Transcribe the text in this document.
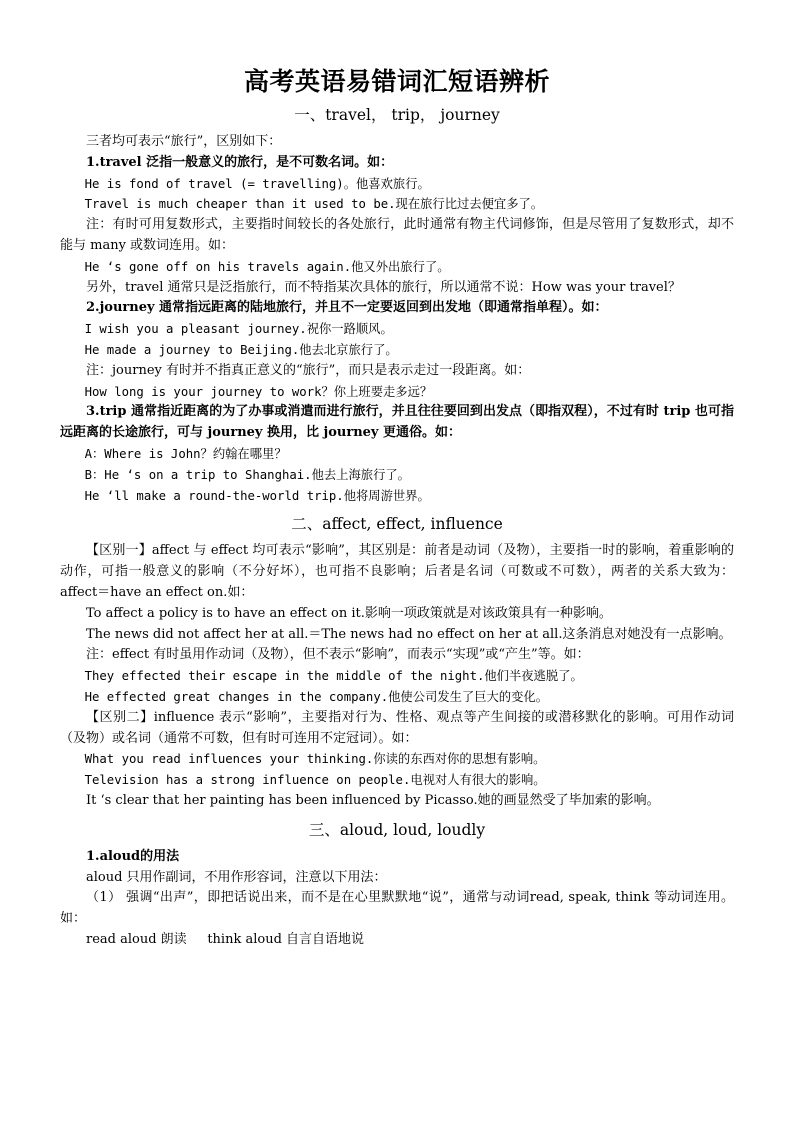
高考英语易错词汇短语辨析
一、travel， trip， journey

三者均可表示“旅行”，区别如下：

1.travel 泛指一般意义的旅行，是不可数名词。如：

He is fond of travel (= travelling)。他喜欢旅行。

Travel is much cheaper than it used to be.现在旅行比过去便宜多了。

注：有时可用复数形式，主要指时间较长的各处旅行，此时通常有物主代词修饰，但是尽管用了复数形式，却不能与 many 或数词连用。如：

He ‘s gone off on his travels again.他又外出旅行了。

另外，travel 通常只是泛指旅行，而不特指某次具体的旅行，所以通常不说：How was your travel？

2.journey 通常指远距离的陆地旅行，并且不一定要返回到出发地（即通常指单程）。如：

I wish you a pleasant journey.祝你一路顺风。

He made a journey to Beijing.他去北京旅行了。

注：journey 有时并不指真正意义的“旅行”，而只是表示走过一段距离。如：

How long is your journey to work？你上班要走多远？

3.trip 通常指近距离的为了办事或消遣而进行旅行，并且往往要回到出发点（即指双程），不过有时 trip 也可指远距离的长途旅行，可与 journey 换用，比 journey 更通俗。如：

A：Where is John？约翰在哪里？

B：He ‘s on a trip to Shanghai.他去上海旅行了。

He ‘ll make a round-the-world trip.他将周游世界。

二、affect, effect, influence

【区别一】affect 与 effect 均可表示“影响”，其区别是：前者是动词（及物），主要指一时的影响，着重影响的动作，可指一般意义的影响（不分好坏），也可指不良影响；后者是名词（可数或不可数），两者的关系大致为：affect＝have an effect on.如：

To affect a policy is to have an effect on it.影响一项政策就是对该政策具有一种影响。

The news did not affect her at all.＝The news had no effect on her at all.这条消息对她没有一点影响。

注：effect 有时虽用作动词（及物），但不表示“影响”，而表示“实现”或“产生”等。如：

They effected their escape in the middle of the night.他们半夜逃脱了。

He effected great changes in the company.他使公司发生了巨大的变化。

【区别二】influence 表示“影响”，主要指对行为、性格、观点等产生间接的或潜移默化的影响。可用作动词（及物）或名词（通常不可数，但有时可连用不定冠词）。如：

What you read influences your thinking.你读的东西对你的思想有影响。

Television has a strong influence on people.电视对人有很大的影响。

It ‘s clear that her painting has been influenced by Picasso.她的画显然受了毕加索的影响。

三、aloud, loud, loudly

1.aloud的用法

aloud 只用作副词，不用作形容词，注意以下用法：

（1） 强调“出声”，即把话说出来，而不是在心里默默地“说”，通常与动词read, speak, think 等动词连用。如：

read aloud 朗读     think aloud 自言自语地说
